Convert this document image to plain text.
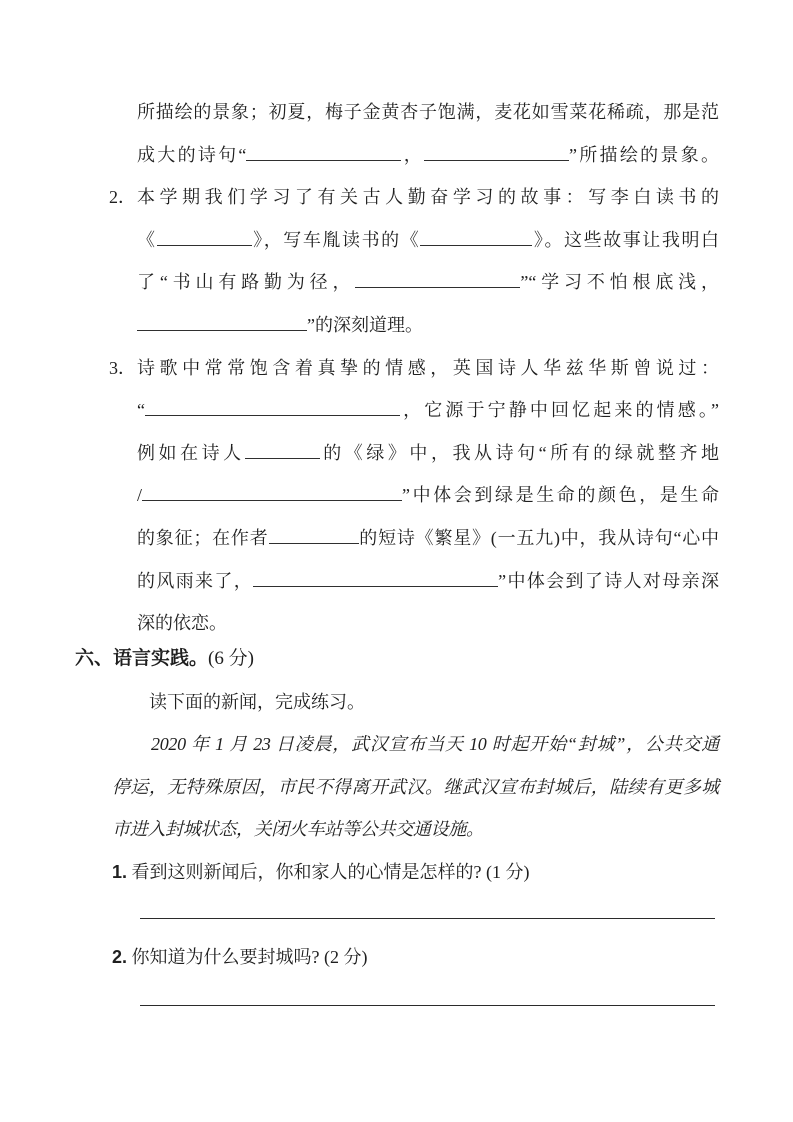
所描绘的景象；初夏，梅子金黄杏子饱满，麦花如雪菜花稀疏，那是范
成大的诗句“	，	”所描绘的景象。
2． 本学期我们学习了有关古人勤奋学习的故事：写李白读书的
《	》，写车胤读书的《	》。这些故事让我明白
了“书山有路勤为径，	”“学习不怕根底浅，
”的深刻道理。
3． 诗歌中常常饱含着真挚的情感，英国诗人华兹华斯曾说过：
“	，它源于宁静中回忆起来的情感。”
例如在诗人	的《绿》中，我从诗句“所有的绿就整齐地
/	”中体会到绿是生命的颜色，是生命
的象征；在作者	的短诗《繁星》(一五九)中，我从诗句“心中
的风雨来了，	”中体会到了诗人对母亲深
深的依恋。
六、语言实践。(6 分)
读下面的新闻，完成练习。
2020 年 1 月 23 日凌晨，武汉宣布当天 10 时起开始“封城”，公共交通
停运，无特殊原因，市民不得离开武汉。继武汉宣布封城后，陆续有更多城
市进入封城状态，关闭火车站等公共交通设施。
1. 看到这则新闻后，你和家人的心情是怎样的? (1 分)
2. 你知道为什么要封城吗? (2 分)
